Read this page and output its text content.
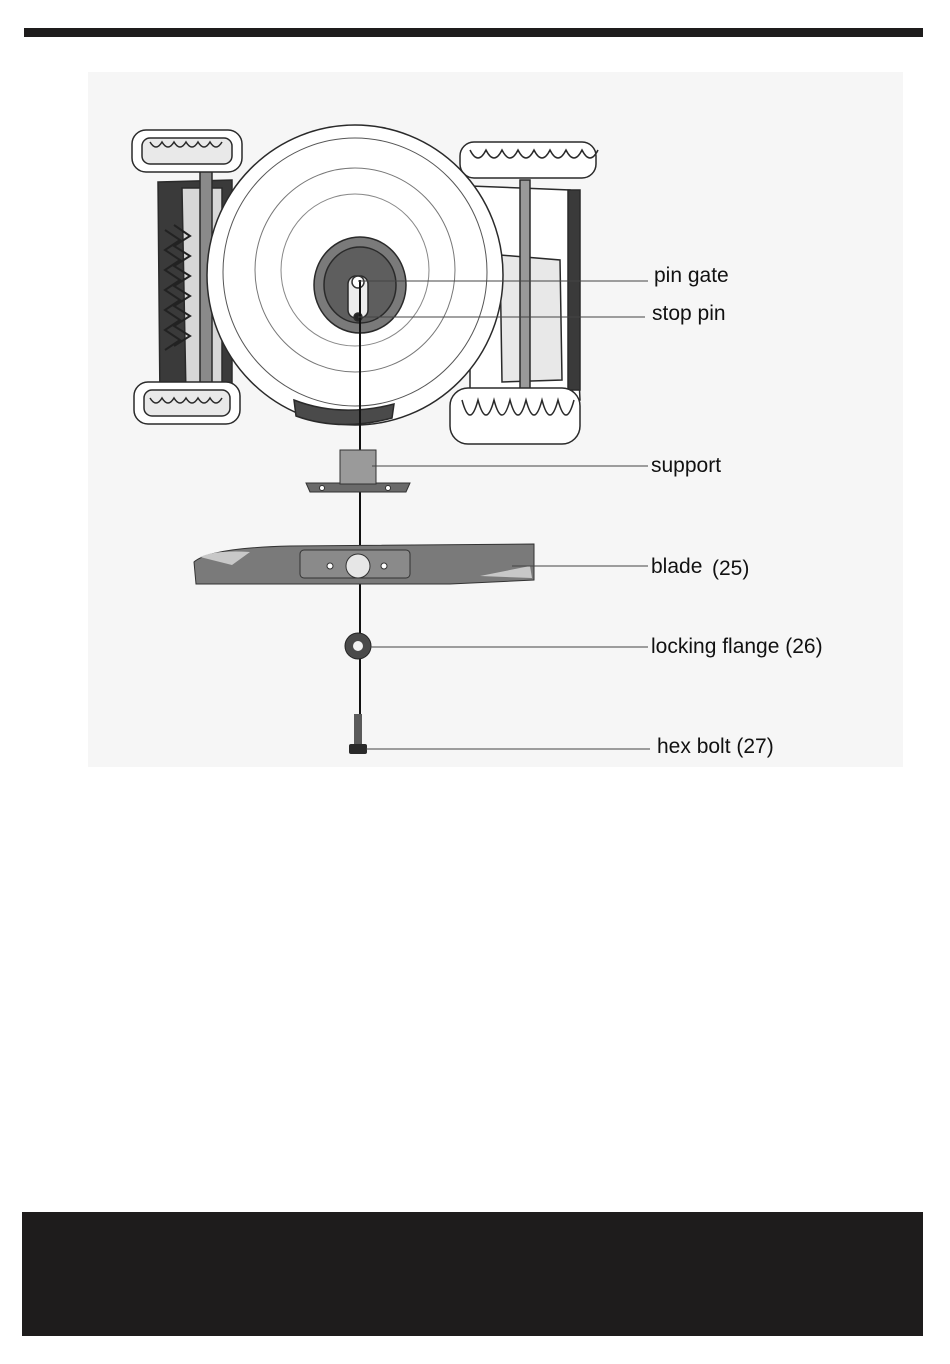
pin gate
stop pin
support
blade (25)
locking flange (26)
hex bolt (27)
